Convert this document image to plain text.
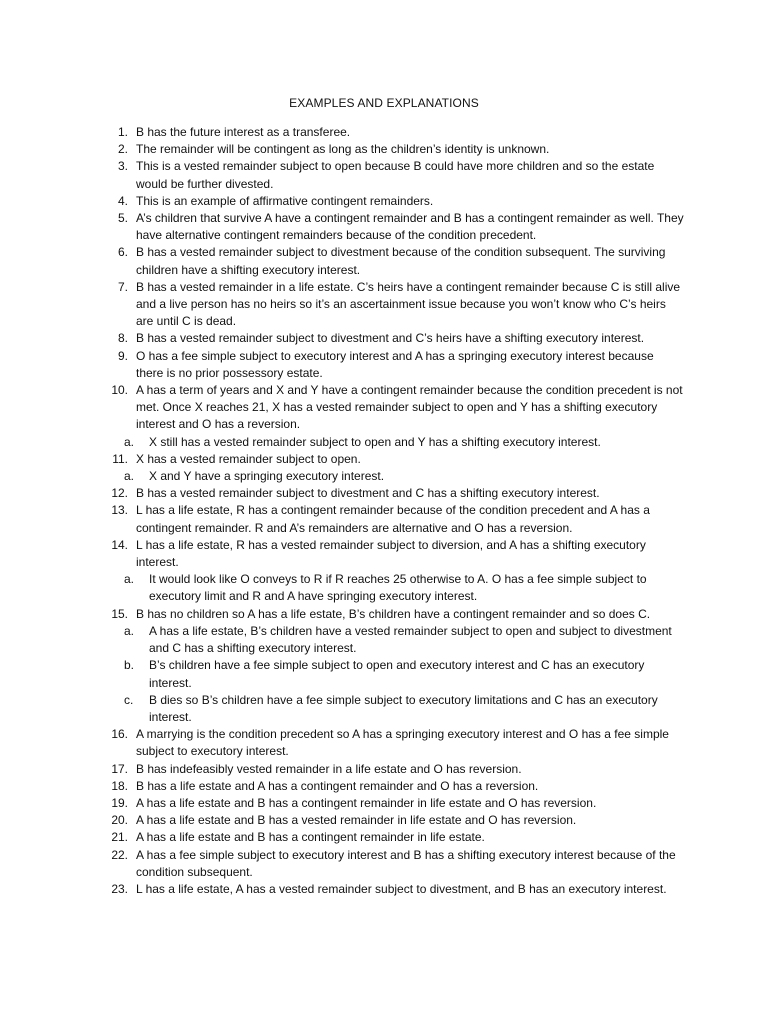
EXAMPLES AND EXPLANATIONS
1. B has the future interest as a transferee.
2. The remainder will be contingent as long as the children’s identity is unknown.
3. This is a vested remainder subject to open because B could have more children and so the estate would be further divested.
4. This is an example of affirmative contingent remainders.
5. A’s children that survive A have a contingent remainder and B has a contingent remainder as well. They have alternative contingent remainders because of the condition precedent.
6. B has a vested remainder subject to divestment because of the condition subsequent. The surviving children have a shifting executory interest.
7. B has a vested remainder in a life estate. C’s heirs have a contingent remainder because C is still alive and a live person has no heirs so it’s an ascertainment issue because you won’t know who C’s heirs are until C is dead.
8. B has a vested remainder subject to divestment and C’s heirs have a shifting executory interest.
9. O has a fee simple subject to executory interest and A has a springing executory interest because there is no prior possessory estate.
10. A has a term of years and X and Y have a contingent remainder because the condition precedent is not met. Once X reaches 21, X has a vested remainder subject to open and Y has a shifting executory interest and O has a reversion.
a.	X still has a vested remainder subject to open and Y has a shifting executory interest.
11. X has a vested remainder subject to open.
a.	X and Y have a springing executory interest.
12. B has a vested remainder subject to divestment and C has a shifting executory interest.
13. L has a life estate, R has a contingent remainder because of the condition precedent and A has a contingent remainder. R and A’s remainders are alternative and O has a reversion.
14. L has a life estate, R has a vested remainder subject to diversion, and A has a shifting executory interest.
a.	It would look like O conveys to R if R reaches 25 otherwise to A. O has a fee simple subject to executory limit and R and A have springing executory interest.
15. B has no children so A has a life estate, B’s children have a contingent remainder and so does C.
a.	A has a life estate, B’s children have a vested remainder subject to open and subject to divestment and C has a shifting executory interest.
b.	B’s children have a fee simple subject to open and executory interest and C has an executory interest.
c.	B dies so B’s children have a fee simple subject to executory limitations and C has an executory interest.
16. A marrying is the condition precedent so A has a springing executory interest and O has a fee simple subject to executory interest.
17. B has indefeasibly vested remainder in a life estate and O has reversion.
18. B has a life estate and A has a contingent remainder and O has a reversion.
19. A has a life estate and B has a contingent remainder in life estate and O has reversion.
20. A has a life estate and B has a vested remainder in life estate and O has reversion.
21. A has a life estate and B has a contingent remainder in life estate.
22. A has a fee simple subject to executory interest and B has a shifting executory interest because of the condition subsequent.
23. L has a life estate, A has a vested remainder subject to divestment, and B has an executory interest.
